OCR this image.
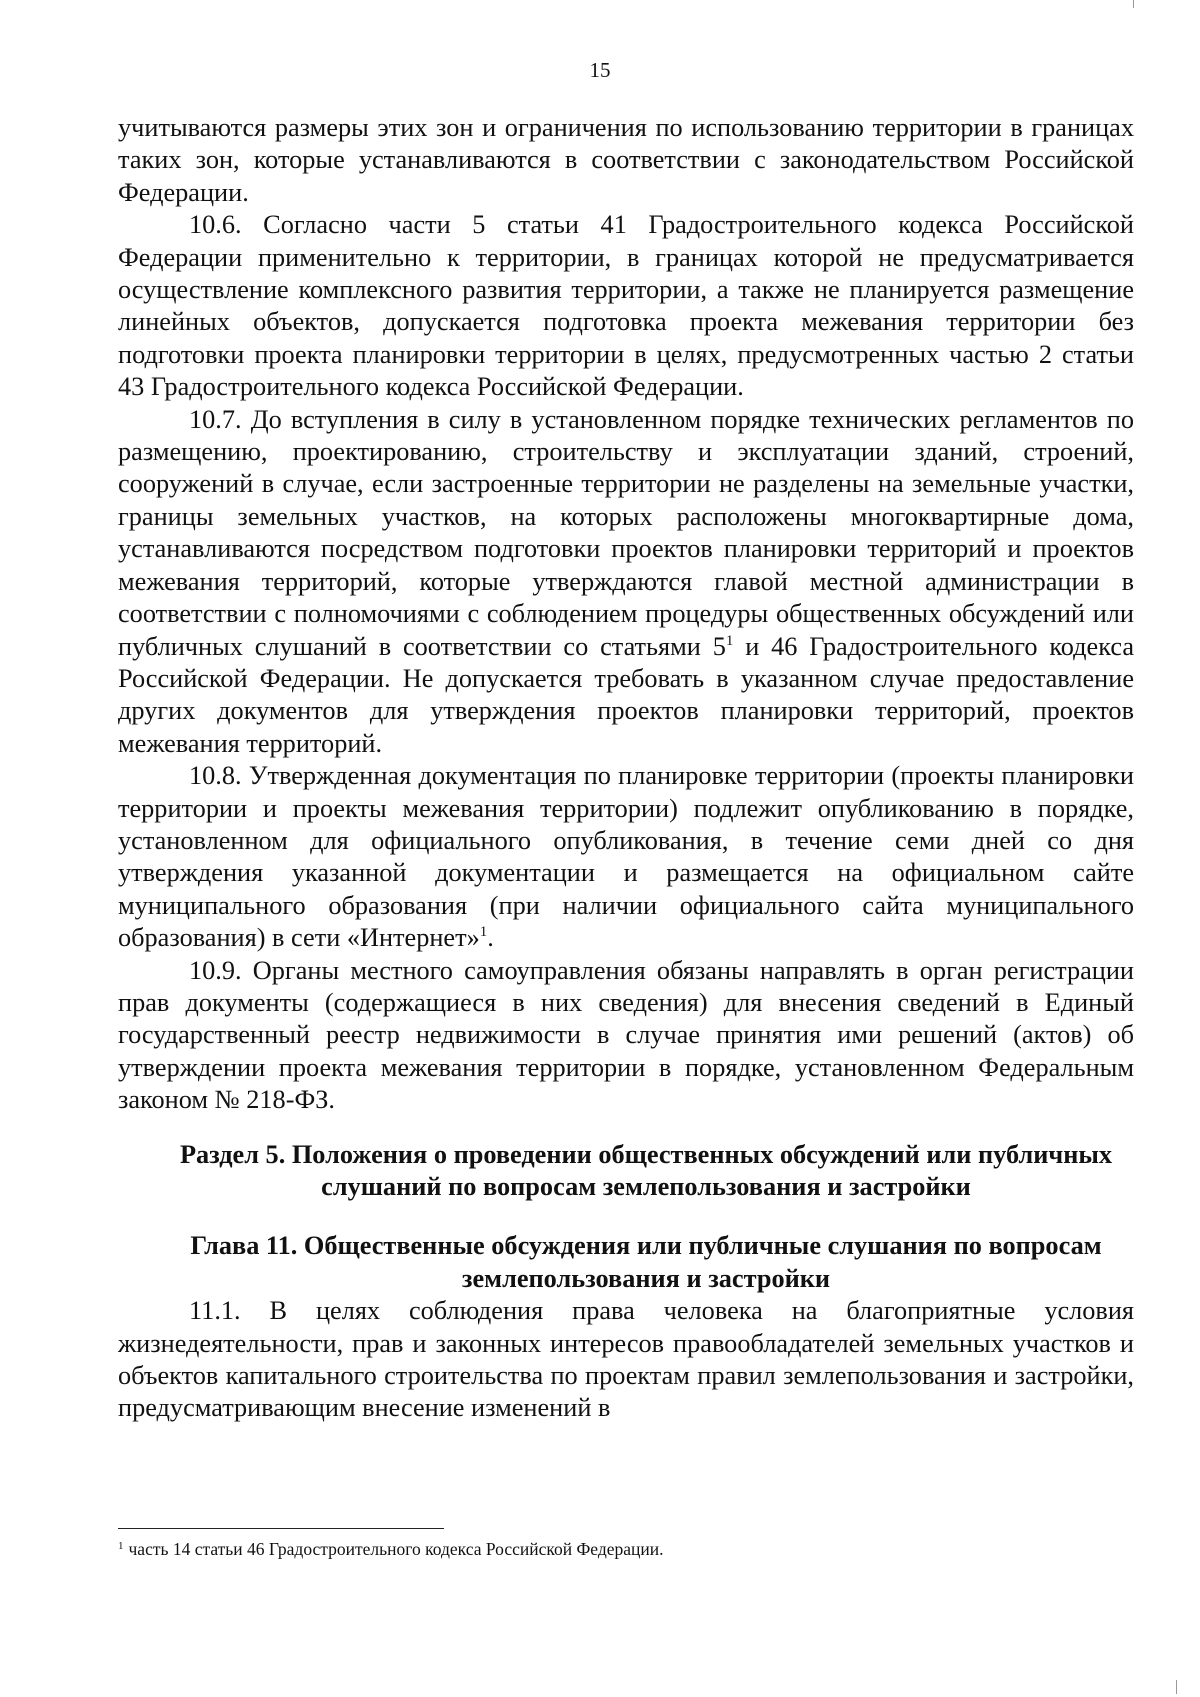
15

учитываются размеры этих зон и ограничения по использованию территории в границах таких зон, которые устанавливаются в соответствии с законодательством Российской Федерации.

10.6. Согласно части 5 статьи 41 Градостроительного кодекса Российской Федерации применительно к территории, в границах которой не предусматривается осуществление комплексного развития территории, а также не планируется размещение линейных объектов, допускается подготовка проекта межевания территории без подготовки проекта планировки территории в целях, предусмотренных частью 2 статьи 43 Градостроительного кодекса Российской Федерации.

10.7. До вступления в силу в установленном порядке технических регламентов по размещению, проектированию, строительству и эксплуатации зданий, строений, сооружений в случае, если застроенные территории не разделены на земельные участки, границы земельных участков, на которых расположены многоквартирные дома, устанавливаются посредством подготовки проектов планировки территорий и проектов межевания территорий, которые утверждаются главой местной администрации в соответствии с полномочиями с соблюдением процедуры общественных обсуждений или публичных слушаний в соответствии со статьями $5^1$ и 46 Градостроительного кодекса Российской Федерации. Не допускается требовать в указанном случае предоставление других документов для утверждения проектов планировки территорий, проектов межевания территорий.

10.8. Утвержденная документация по планировке территории (проекты планировки территории и проекты межевания территории) подлежит опубликованию в порядке, установленном для официального опубликования, в течение семи дней со дня утверждения указанной документации и размещается на официальном сайте муниципального образования (при наличии официального сайта муниципального образования) в сети «Интернет»$^1$.

10.9. Органы местного самоуправления обязаны направлять в орган регистрации прав документы (содержащиеся в них сведения) для внесения сведений в Единый государственный реестр недвижимости в случае принятия ими решений (актов) об утверждении проекта межевания территории в порядке, установленном Федеральным законом № 218-ФЗ.

Раздел 5. Положения о проведении общественных обсуждений или публичных слушаний по вопросам землепользования и застройки
Глава 11. Общественные обсуждения или публичные слушания по вопросам землепользования и застройки

11.1. В целях соблюдения права человека на благоприятные условия жизнедеятельности, прав и законных интересов правообладателей земельных участков и объектов капитального строительства по проектам правил землепользования и застройки, предусматривающим внесение изменений в

$^1$ часть 14 статьи 46 Градостроительного кодекса Российской Федерации.
